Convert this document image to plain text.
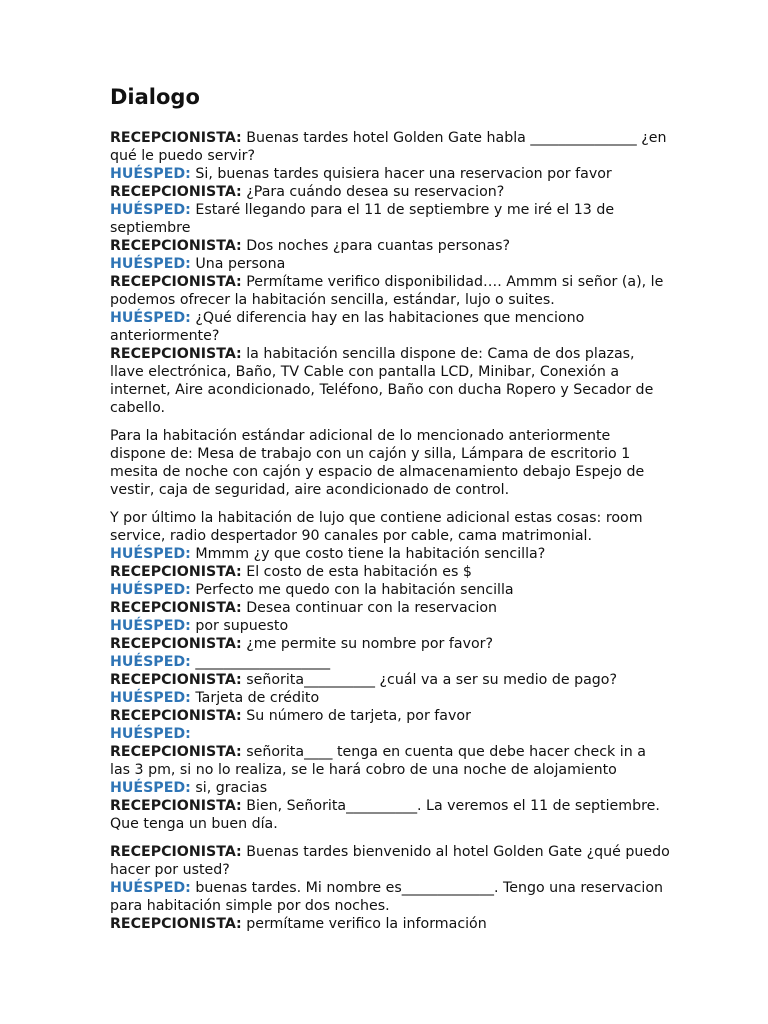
Dialogo

RECEPCIONISTA: Buenas tardes hotel Golden Gate habla _______________ ¿en qué le puedo servir?

HUÉSPED: Si, buenas tardes quisiera hacer una reservacion por favor

RECEPCIONISTA: ¿Para cuándo desea su reservacion?

HUÉSPED: Estaré llegando para el 11 de septiembre y me iré el 13 de septiembre

RECEPCIONISTA: Dos noches ¿para cuantas personas?

HUÉSPED: Una persona

RECEPCIONISTA: Permítame verifico disponibilidad…. Ammm si señor (a), le podemos ofrecer la habitación sencilla, estándar, lujo o suites.

HUÉSPED: ¿Qué diferencia hay en las habitaciones que menciono anteriormente?

RECEPCIONISTA: la habitación sencilla dispone de: Cama de dos plazas, llave electrónica, Baño, TV Cable con pantalla LCD, Minibar, Conexión a internet, Aire acondicionado, Teléfono, Baño con ducha Ropero y Secador de cabello.

Para la habitación estándar adicional de lo mencionado anteriormente dispone de: Mesa de trabajo con un cajón y silla, Lámpara de escritorio 1 mesita de noche con cajón y espacio de almacenamiento debajo Espejo de vestir, caja de seguridad, aire acondicionado de control.

Y por último la habitación de lujo que contiene adicional estas cosas: room service, radio despertador 90 canales por cable, cama matrimonial.

HUÉSPED: Mmmm ¿y que costo tiene la habitación sencilla?

RECEPCIONISTA: El costo de esta habitación es $

HUÉSPED: Perfecto me quedo con la habitación sencilla

RECEPCIONISTA: Desea continuar con la reservacion

HUÉSPED: por supuesto

RECEPCIONISTA: ¿me permite su nombre por favor?

HUÉSPED: ___________________

RECEPCIONISTA: señorita__________ ¿cuál va a ser su medio de pago?

HUÉSPED: Tarjeta de crédito

RECEPCIONISTA: Su número de tarjeta, por favor

HUÉSPED:

RECEPCIONISTA: señorita____ tenga en cuenta que debe hacer check in a las 3 pm, si no lo realiza, se le hará cobro de una noche de alojamiento

HUÉSPED: si, gracias

RECEPCIONISTA: Bien, Señorita__________. La veremos el 11 de septiembre. Que tenga un buen día.

RECEPCIONISTA: Buenas tardes bienvenido al hotel Golden Gate ¿qué puedo hacer por usted?

HUÉSPED: buenas tardes. Mi nombre es_____________. Tengo una reservacion para habitación simple por dos noches.

RECEPCIONISTA: permítame verifico la información
